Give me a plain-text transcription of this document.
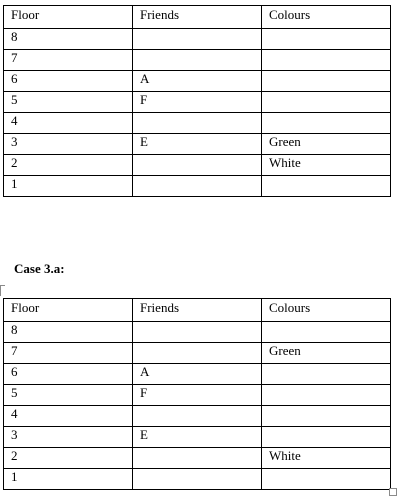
Floor	Friends	Colours
8		
7		
6	A	
5	F	
4		
3	E	Green
2		White
1		

Case 3.a:

Floor	Friends	Colours
8		
7		Green
6	A	
5	F	
4		
3	E	
2		White
1		
